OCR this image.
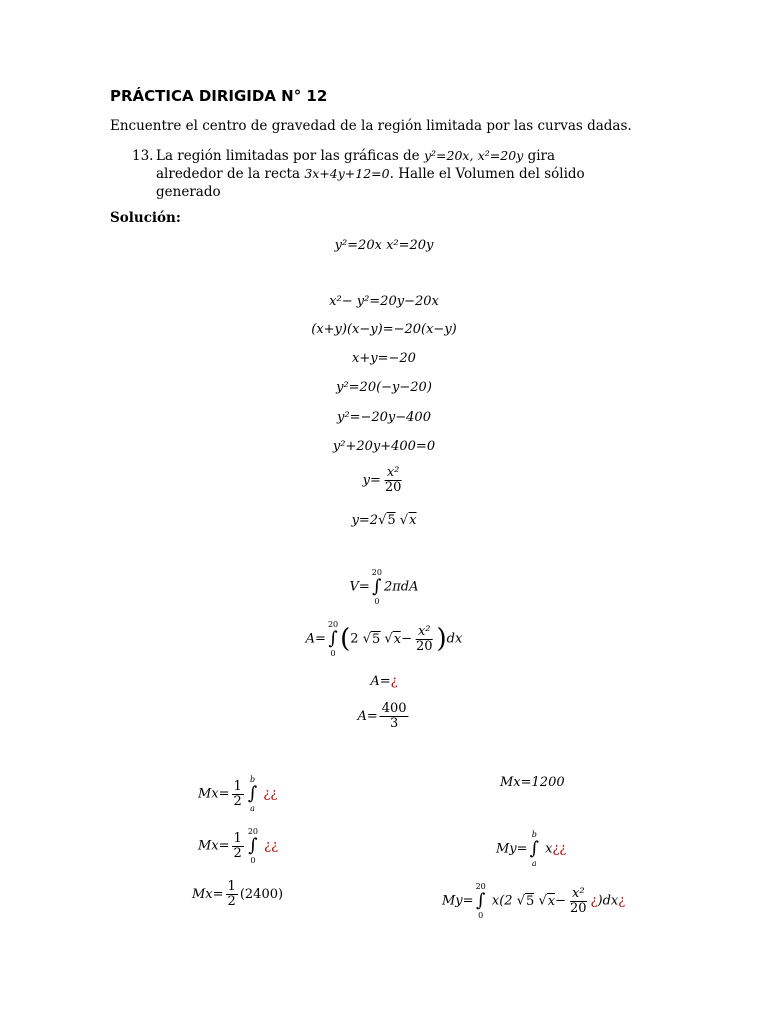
PRÁCTICA DIRIGIDA N° 12
Encuentre el centro de gravedad de la región limitada por las curvas dadas.
13. La región limitadas por las gráficas de y²=20x, x²=20y gira
alrededor de la recta 3x+4y+12=0. Halle el Volumen del sólido
generado
Solución:
y²=20x x²=20y
x²− y²=20y−20x
(x+y)(x−y)=−20(x−y)
x+y=−20
y²=20(−y−20)
y²=−20y−400
y²+20y+400=0
$y= \frac{\text{x²}}{20}$
y=2√5 √x
V=
20
∫
0
2πdA
A=
20
∫
0 (2 √5 $√x- \frac{\text{x²}}{20} )dx$
A=¿
$A= \frac{400}{3}$
$Mx= \frac{1}{2}$ b
∫
a
¿¿
$Mx= \frac{1}{2} 20$
∫
0
¿¿
$Mx= \frac{1}{2} (2400)$
Mx=1200
My=
b
∫
a
x¿¿
My=
20
∫
0
x(2 √5 $√x- \frac{\text{x²}}{20}$ ¿)dx¿
